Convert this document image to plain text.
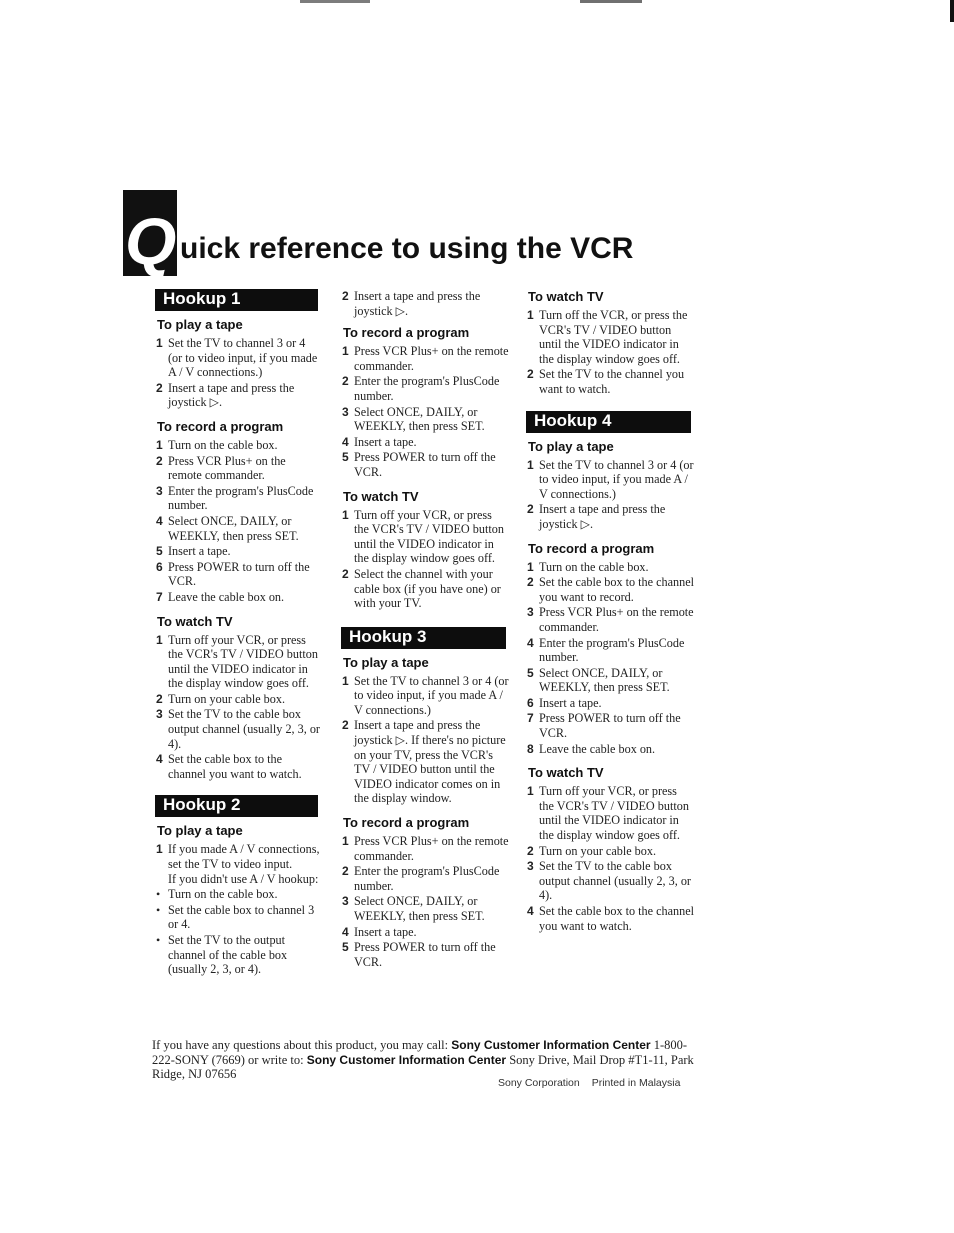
Q uick reference to using the VCR
Hookup 1
To play a tape
1 Set the TV to channel 3 or 4 (or to video input, if you made A / V connections.)
2 Insert a tape and press the joystick ▷.
To record a program
1 Turn on the cable box.
2 Press VCR Plus+ on the remote commander.
3 Enter the program's PlusCode number.
4 Select ONCE, DAILY, or WEEKLY, then press SET.
5 Insert a tape.
6 Press POWER to turn off the VCR.
7 Leave the cable box on.
To watch TV
1 Turn off your VCR, or press the VCR's TV / VIDEO button until the VIDEO indicator in the display window goes off.
2 Turn on your cable box.
3 Set the TV to the cable box output channel (usually 2, 3, or 4).
4 Set the cable box to the channel you want to watch.
Hookup 2
To play a tape
1 If you made A / V connections, set the TV to video input.
If you didn't use A / V hookup:
• Turn on the cable box.
• Set the cable box to channel 3 or 4.
• Set the TV to the output channel of the cable box (usually 2, 3, or 4).
2 Insert a tape and press the joystick ▷.
To record a program
1 Press VCR Plus+ on the remote commander.
2 Enter the program's PlusCode number.
3 Select ONCE, DAILY, or WEEKLY, then press SET.
4 Insert a tape.
5 Press POWER to turn off the VCR.
To watch TV
1 Turn off your VCR, or press the VCR's TV / VIDEO button until the VIDEO indicator in the display window goes off.
2 Select the channel with your cable box (if you have one) or with your TV.
Hookup 3
To play a tape
1 Set the TV to channel 3 or 4 (or to video input, if you made A / V connections.)
2 Insert a tape and press the joystick ▷. If there's no picture on your TV, press the VCR's TV / VIDEO button until the VIDEO indicator comes on in the display window.
To record a program
1 Press VCR Plus+ on the remote commander.
2 Enter the program's PlusCode number.
3 Select ONCE, DAILY, or WEEKLY, then press SET.
4 Insert a tape.
5 Press POWER to turn off the VCR.
To watch TV
1 Turn off the VCR, or press the VCR's TV / VIDEO button until the VIDEO indicator in the display window goes off.
2 Set the TV to the channel you want to watch.
Hookup 4
To play a tape
1 Set the TV to channel 3 or 4 (or to video input, if you made A / V connections.)
2 Insert a tape and press the joystick ▷.
To record a program
1 Turn on the cable box.
2 Set the cable box to the channel you want to record.
3 Press VCR Plus+ on the remote commander.
4 Enter the program's PlusCode number.
5 Select ONCE, DAILY, or WEEKLY, then press SET.
6 Insert a tape.
7 Press POWER to turn off the VCR.
8 Leave the cable box on.
To watch TV
1 Turn off your VCR, or press the VCR's TV / VIDEO button until the VIDEO indicator in the display window goes off.
2 Turn on your cable box.
3 Set the TV to the cable box output channel (usually 2, 3, or 4).
4 Set the cable box to the channel you want to watch.
If you have any questions about this product, you may call: Sony Customer Information Center 1-800-222-SONY (7669) or write to: Sony Customer Information Center Sony Drive, Mail Drop #T1-11, Park Ridge, NJ 07656
Sony Corporation Printed in Malaysia
